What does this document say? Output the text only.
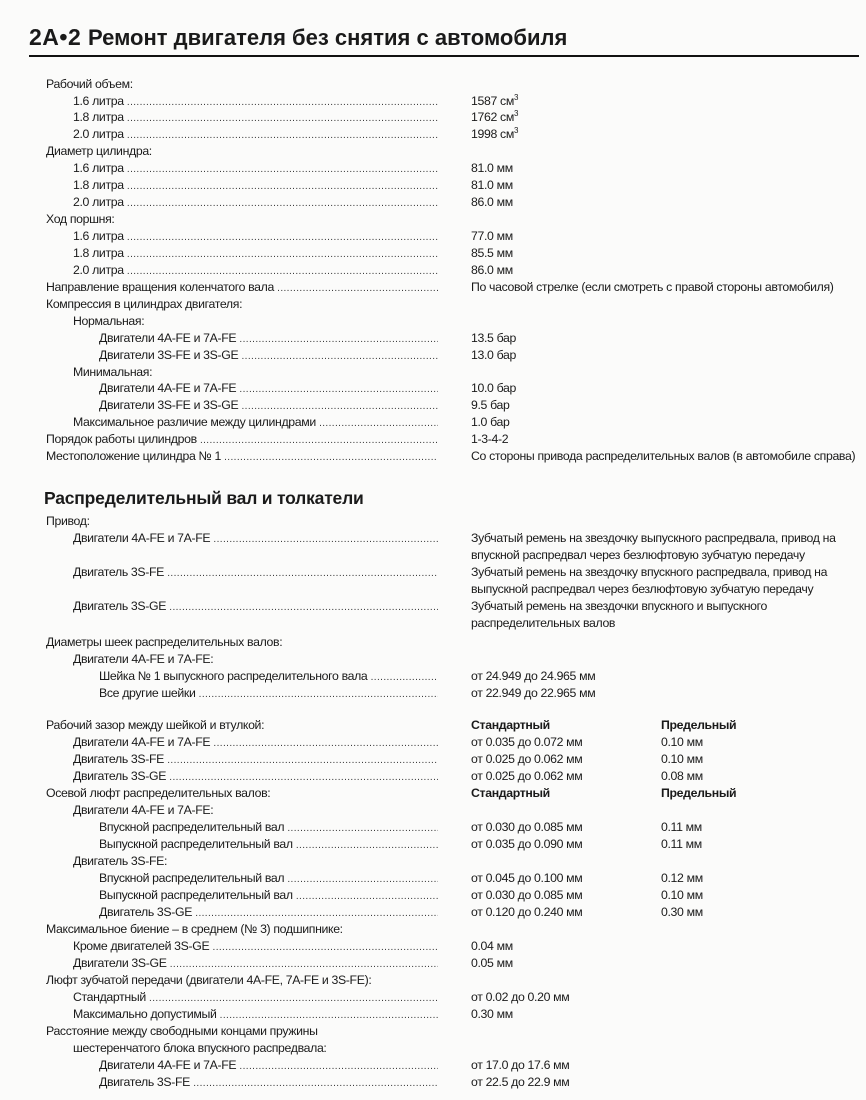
2A•2 Ремонт двигателя без снятия с автомобиля
Рабочий объем:
1.6 литра .....	1587 $см^3$
1.8 литра .....	1762 $см^3$
2.0 литра .....	1998 $см^3$
Диаметр цилиндра:
1.6 литра .....	81.0 мм
1.8 литра .....	81.0 мм
2.0 литра .....	86.0 мм
Ход поршня:
1.6 литра .....	77.0 мм
1.8 литра .....	85.5 мм
2.0 литра .....	86.0 мм
Направление вращения коленчатого вала .....	По часовой стрелке (если смотреть с правой стороны автомобиля)
Компрессия в цилиндрах двигателя:
Нормальная:
Двигатели 4A-FE и 7A-FE .....	13.5 бар
Двигатели 3S-FE и 3S-GE .....	13.0 бар
Минимальная:
Двигатели 4A-FE и 7A-FE .....	10.0 бар
Двигатели 3S-FE и 3S-GE .....	9.5 бар
Максимальное различие между цилиндрами .....	1.0 бар
Порядок работы цилиндров .....	1-3-4-2
Местоположение цилиндра № 1 .....	Со стороны привода распределительных валов (в автомобиле справа)
Распределительный вал и толкатели
Привод:
Двигатели 4A-FE и 7A-FE .....	Зубчатый ремень на звездочку выпускного распредвала, привод на впускной распредвал через безлюфтовую зубчатую передачу
Двигатель 3S-FE .....	Зубчатый ремень на звездочку впускного распредвала, привод на выпускной распредвал через безлюфтовую зубчатую передачу
Двигатель 3S-GE .....	Зубчатый ремень на звездочки впускного и выпускного распределительных валов
Диаметры шеек распределительных валов:
Двигатели 4A-FE и 7A-FE:
Шейка № 1 выпускного распределительного вала .....	от 24.949 до 24.965 мм
Все другие шейки .....	от 22.949 до 22.965 мм
Рабочий зазор между шейкой и втулкой:	Стандартный	Предельный
Двигатели 4A-FE и 7A-FE .....	от 0.035 до 0.072 мм	0.10 мм
Двигатель 3S-FE .....	от 0.025 до 0.062 мм	0.10 мм
Двигатель 3S-GE .....	от 0.025 до 0.062 мм	0.08 мм
Осевой люфт распределительных валов:	Стандартный	Предельный
Двигатели 4A-FE и 7A-FE:
Впускной распределительный вал .....	от 0.030 до 0.085 мм	0.11 мм
Выпускной распределительный вал .....	от 0.035 до 0.090 мм	0.11 мм
Двигатель 3S-FE:
Впускной распределительный вал .....	от 0.045 до 0.100 мм	0.12 мм
Выпускной распределительный вал .....	от 0.030 до 0.085 мм	0.10 мм
Двигатель 3S-GE .....	от 0.120 до 0.240 мм	0.30 мм
Максимальное биение – в среднем (№ 3) подшипнике:
Кроме двигателей 3S-GE .....	0.04 мм
Двигатели 3S-GE .....	0.05 мм
Люфт зубчатой передачи (двигатели 4A-FE, 7A-FE и 3S-FE):
Стандартный .....	от 0.02 до 0.20 мм
Максимально допустимый .....	0.30 мм
Расстояние между свободными концами пружины
шестеренчатого блока впускного распредвала:
Двигатели 4A-FE и 7A-FE .....	от 17.0 до 17.6 мм
Двигатель 3S-FE .....	от 22.5 до 22.9 мм
